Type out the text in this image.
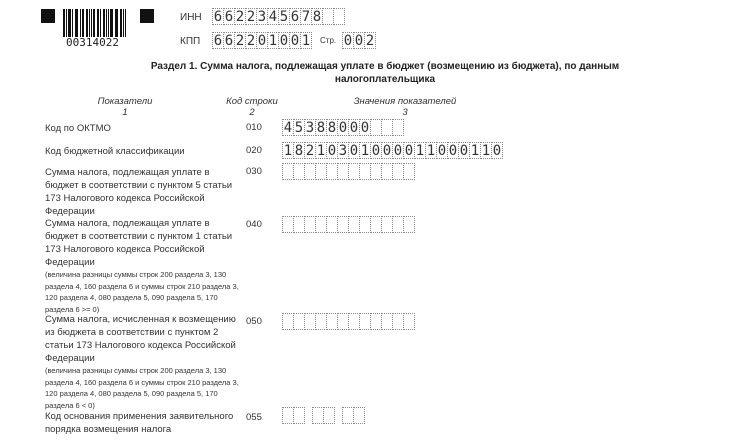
00314022
ИНН 6 6 2 2 3 4 5 6 7 8
КПП 6 6 2 2 0 1 0 0 1 Стр. 0 0 2
Раздел 1. Сумма налога, подлежащая уплате в бюджет (возмещению из бюджета), по данным
налогоплательщика
Показатели
1
Код строки
2
Значения показателей
3
Код по ОКТМО	010 4 5 3 8 8 0 0 0
Код бюджетной классификации	020 1 8 2 1 0 3 0 1 0 0 0 0 1 1 0 0 0 1 1 0
Сумма налога, подлежащая уплате в бюджет в соответствии с пунктом 5 статьи 173 Налогового кодекса Российской Федерации
030
Сумма налога, подлежащая уплате в бюджет в соответствии с пунктом 1 статьи 173 Налогового кодекса Российской Федерации
(величина разницы суммы строк 200 раздела 3, 130 раздела 4, 160 раздела 6 и суммы строк 210 раздела 3, 120 раздела 4, 080 раздела 5, 090 раздела 5, 170 раздела 6 >= 0)
040
Сумма налога, исчисленная к возмещению из бюджета в соответствии с пунктом 2 статьи 173 Налогового кодекса Российской Федерации
(величина разницы суммы строк 200 раздела 3, 130 раздела 4, 160 раздела 6 и суммы строк 210 раздела 3, 120 раздела 4, 080 раздела 5, 090 раздела 5, 170 раздела 6 < 0)
050
Код основания применения заявительного порядка возмещения налога
055
